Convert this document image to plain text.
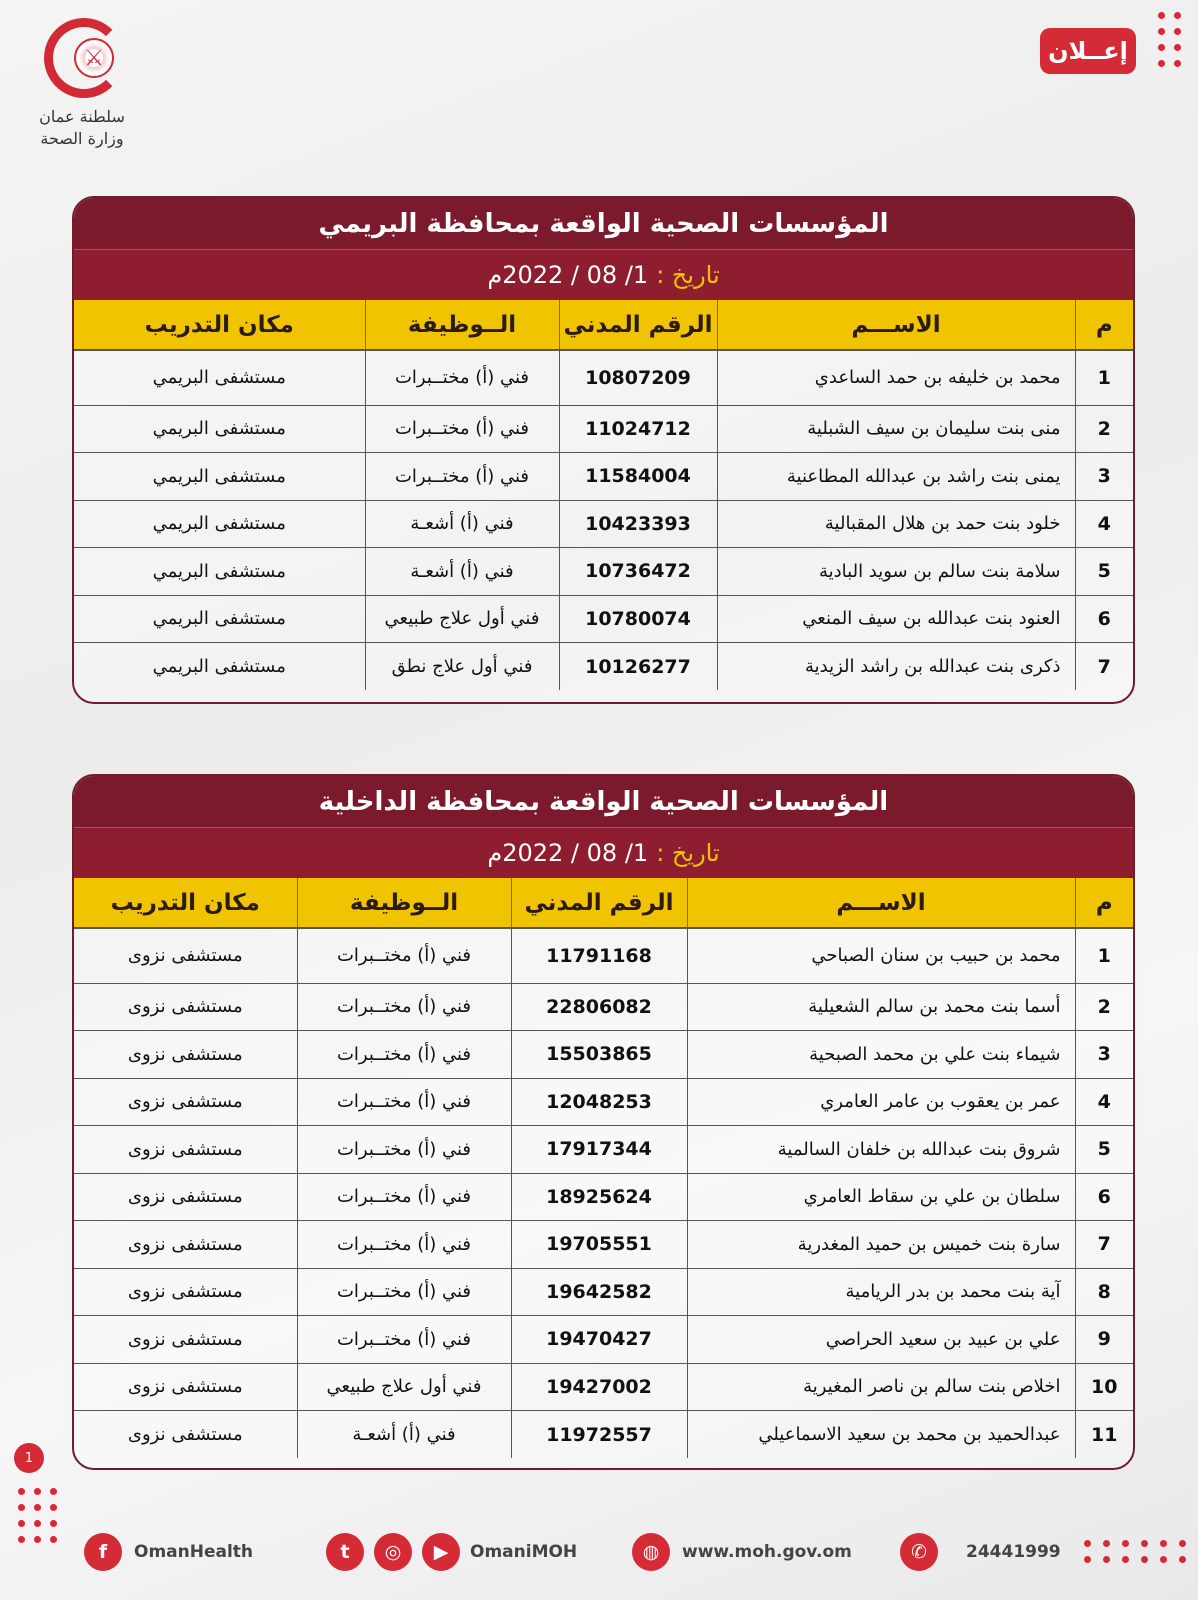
⚔
سلطنة عمان
وزارة الصحة
إعــلان
المؤسسات الصحية الواقعة بمحافظة البريمي
تاريخ :
1/ 08 / 2022م
م	الاســـم	الرقم المدني	الــوظيفة	مكان التدريب
1	محمد بن خليفه بن حمد الساعدي	10807209	فني (أ) مختــبرات	مستشفى البريمي
2	منى بنت سليمان بن سيف الشبلية	11024712	فني (أ) مختــبرات	مستشفى البريمي
3	يمنى بنت راشد بن عبدالله المطاعنية	11584004	فني (أ) مختــبرات	مستشفى البريمي
4	خلود بنت حمد بن هلال المقبالية	10423393	فني (أ) أشعـة	مستشفى البريمي
5	سلامة بنت سالم بن سويد البادية	10736472	فني (أ) أشعـة	مستشفى البريمي
6	العنود بنت عبدالله بن سيف المنعي	10780074	فني أول علاج طبيعي	مستشفى البريمي
7	ذكرى بنت عبدالله بن راشد الزيدية	10126277	فني أول علاج نطق	مستشفى البريمي
المؤسسات الصحية الواقعة بمحافظة الداخلية
تاريخ :
1/ 08 / 2022م
م	الاســـم	الرقم المدني	الــوظيفة	مكان التدريب
1	محمد بن حبيب بن سنان الصباحي	11791168	فني (أ) مختــبرات	مستشفى نزوى
2	أسما بنت محمد بن سالم الشعيلية	22806082	فني (أ) مختــبرات	مستشفى نزوى
3	شيماء بنت علي بن محمد الصبحية	15503865	فني (أ) مختــبرات	مستشفى نزوى
4	عمر بن يعقوب بن عامر العامري	12048253	فني (أ) مختــبرات	مستشفى نزوى
5	شروق بنت عبدالله بن خلفان السالمية	17917344	فني (أ) مختــبرات	مستشفى نزوى
6	سلطان بن علي بن سقاط العامري	18925624	فني (أ) مختــبرات	مستشفى نزوى
7	سارة بنت خميس بن حميد المغدرية	19705551	فني (أ) مختــبرات	مستشفى نزوى
8	آية بنت محمد بن بدر الريامية	19642582	فني (أ) مختــبرات	مستشفى نزوى
9	علي بن عبيد بن سعيد الحراصي	19470427	فني (أ) مختــبرات	مستشفى نزوى
10	اخلاص بنت سالم بن ناصر المغيرية	19427002	فني أول علاج طبيعي	مستشفى نزوى
11	عبدالحميد بن محمد بن سعيد الاسماعيلي	11972557	فني (أ) أشعـة	مستشفى نزوى
1
f	OmanHealth	t	◎	▶	OmaniMOH	◍	www.moh.gov.om	✆	24441999
